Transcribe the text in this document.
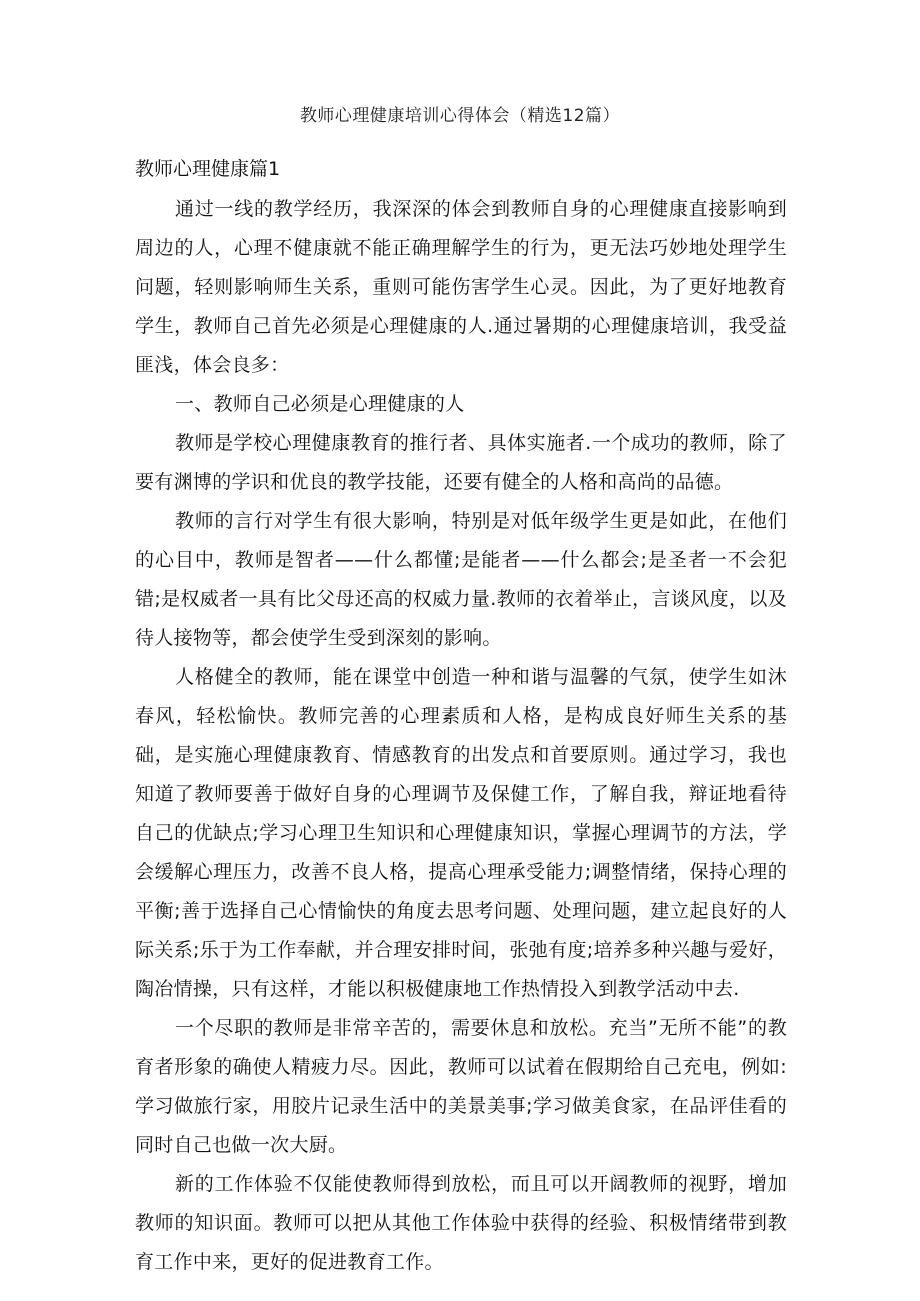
教师心理健康培训心得体会（精选12篇）
教师心理健康篇1

通过一线的教学经历，我深深的体会到教师自身的心理健康直接影响到周边的人，心理不健康就不能正确理解学生的行为，更无法巧妙地处理学生问题，轻则影响师生关系，重则可能伤害学生心灵。因此，为了更好地教育学生，教师自己首先必须是心理健康的人.通过暑期的心理健康培训，我受益匪浅，体会良多：

一、教师自己必须是心理健康的人

教师是学校心理健康教育的推行者、具体实施者.一个成功的教师，除了要有渊博的学识和优良的教学技能，还要有健全的人格和高尚的品德。

教师的言行对学生有很大影响，特别是对低年级学生更是如此，在他们的心目中，教师是智者——什么都懂;是能者——什么都会;是圣者一不会犯错;是权威者一具有比父母还高的权威力量.教师的衣着举止，言谈风度，以及待人接物等，都会使学生受到深刻的影响。

人格健全的教师，能在课堂中创造一种和谐与温馨的气氛，使学生如沐春风，轻松愉快。教师完善的心理素质和人格，是构成良好师生关系的基础，是实施心理健康教育、情感教育的出发点和首要原则。通过学习，我也知道了教师要善于做好自身的心理调节及保健工作，了解自我，辩证地看待自己的优缺点;学习心理卫生知识和心理健康知识，掌握心理调节的方法，学会缓解心理压力，改善不良人格，提高心理承受能力;调整情绪，保持心理的平衡;善于选择自己心情愉快的角度去思考问题、处理问题，建立起良好的人际关系;乐于为工作奉献，并合理安排时间，张弛有度;培养多种兴趣与爱好，陶冶情操，只有这样，才能以积极健康地工作热情投入到教学活动中去.

一个尽职的教师是非常辛苦的，需要休息和放松。充当”无所不能”的教育者形象的确使人精疲力尽。因此，教师可以试着在假期给自己充电，例如: 学习做旅行家，用胶片记录生活中的美景美事;学习做美食家，在品评佳看的同时自己也做一次大厨。

新的工作体验不仅能使教师得到放松，而且可以开阔教师的视野，增加教师的知识面。教师可以把从其他工作体验中获得的经验、积极情绪带到教育工作中来，更好的促进教育工作。
